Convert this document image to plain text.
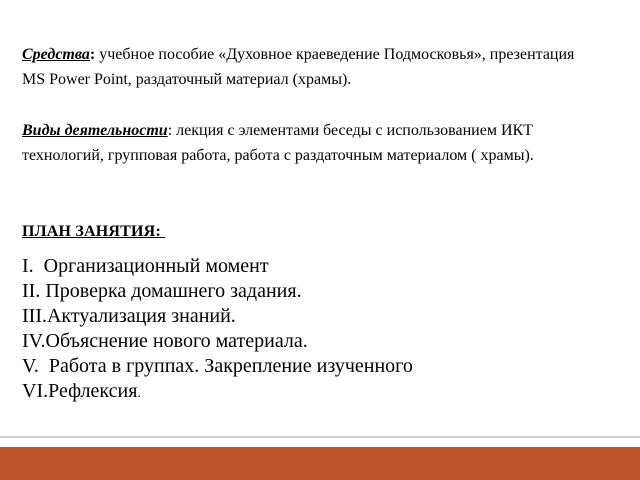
Средства: учебное пособие «Духовное краеведение Подмосковья», презентация MS Power Point, раздаточный материал (храмы).
Виды деятельности: лекция с элементами беседы с использованием ИКТ технологий, групповая работа, работа с раздаточным материалом ( храмы).
ПЛАН ЗАНЯТИЯ:
I.  Организационный момент
II. Проверка домашнего задания.
III.Актуализация знаний.
IV.Объяснение нового материала.
V.  Работа в группах. Закрепление изученного
VI.Рефлексия.
